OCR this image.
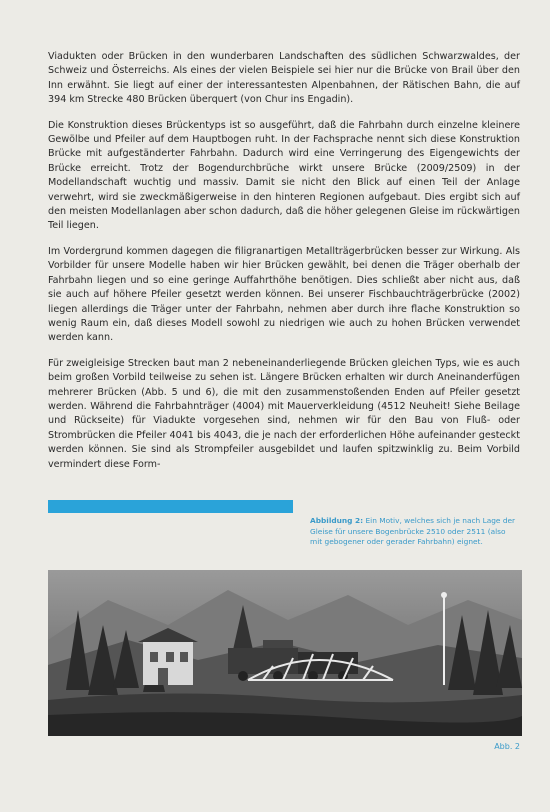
Viadukten oder Brücken in den wunderbaren Landschaften des südlichen Schwarzwaldes, der Schweiz und Österreichs. Als eines der vielen Beispiele sei hier nur die Brücke von Brail über den Inn erwähnt. Sie liegt auf einer der interessantesten Alpenbahnen, der Rätischen Bahn, die auf 394 km Strecke 480 Brücken überquert (von Chur ins Engadin).

Die Konstruktion dieses Brückentyps ist so ausgeführt, daß die Fahrbahn durch einzelne kleinere Gewölbe und Pfeiler auf dem Hauptbogen ruht. In der Fachsprache nennt sich diese Konstruktion Brücke mit aufgeständerter Fahrbahn. Dadurch wird eine Verringerung des Eigengewichts der Brücke erreicht. Trotz der Bogendurchbrüche wirkt unsere Brücke (2009/2509) in der Modellandschaft wuchtig und massiv. Damit sie nicht den Blick auf einen Teil der Anlage verwehrt, wird sie zweckmäßigerweise in den hinteren Regionen aufgebaut. Dies ergibt sich auf den meisten Modellanlagen aber schon dadurch, daß die höher gelegenen Gleise im rückwärtigen Teil liegen.

Im Vordergrund kommen dagegen die filigranartigen Metallträgerbrücken besser zur Wirkung. Als Vorbilder für unsere Modelle haben wir hier Brücken gewählt, bei denen die Träger oberhalb der Fahrbahn liegen und so eine geringe Auffahrthöhe benötigen. Dies schließt aber nicht aus, daß sie auch auf höhere Pfeiler gesetzt werden können. Bei unserer Fischbauchträgerbrücke (2002) liegen allerdings die Träger unter der Fahrbahn, nehmen aber durch ihre flache Konstruktion so wenig Raum ein, daß dieses Modell sowohl zu niedrigen wie auch zu hohen Brücken verwendet werden kann.

Für zweigleisige Strecken baut man 2 nebeneinanderliegende Brücken gleichen Typs, wie es auch beim großen Vorbild teilweise zu sehen ist. Längere Brücken erhalten wir durch Aneinanderfügen mehrerer Brücken (Abb. 5 und 6), die mit den zusammenstoßenden Enden auf Pfeiler gesetzt werden. Während die Fahrbahnträger (4004) mit Mauerverkleidung (4512 Neuheit! Siehe Beilage und Rückseite) für Viadukte vorgesehen sind, nehmen wir für den Bau von Fluß- oder Strombrücken die Pfeiler 4041 bis 4043, die je nach der erforderlichen Höhe aufeinander gesteckt werden können. Sie sind als Strompfeiler ausgebildet und laufen spitzwinklig zu. Beim Vorbild vermindert diese Form-

Abbildung 2: Ein Motiv, welches sich je nach Lage der Gleise für unsere Bogenbrücke 2510 oder 2511 (also mit gebogener oder gerader Fahrbahn) eignet.
Abb. 2
